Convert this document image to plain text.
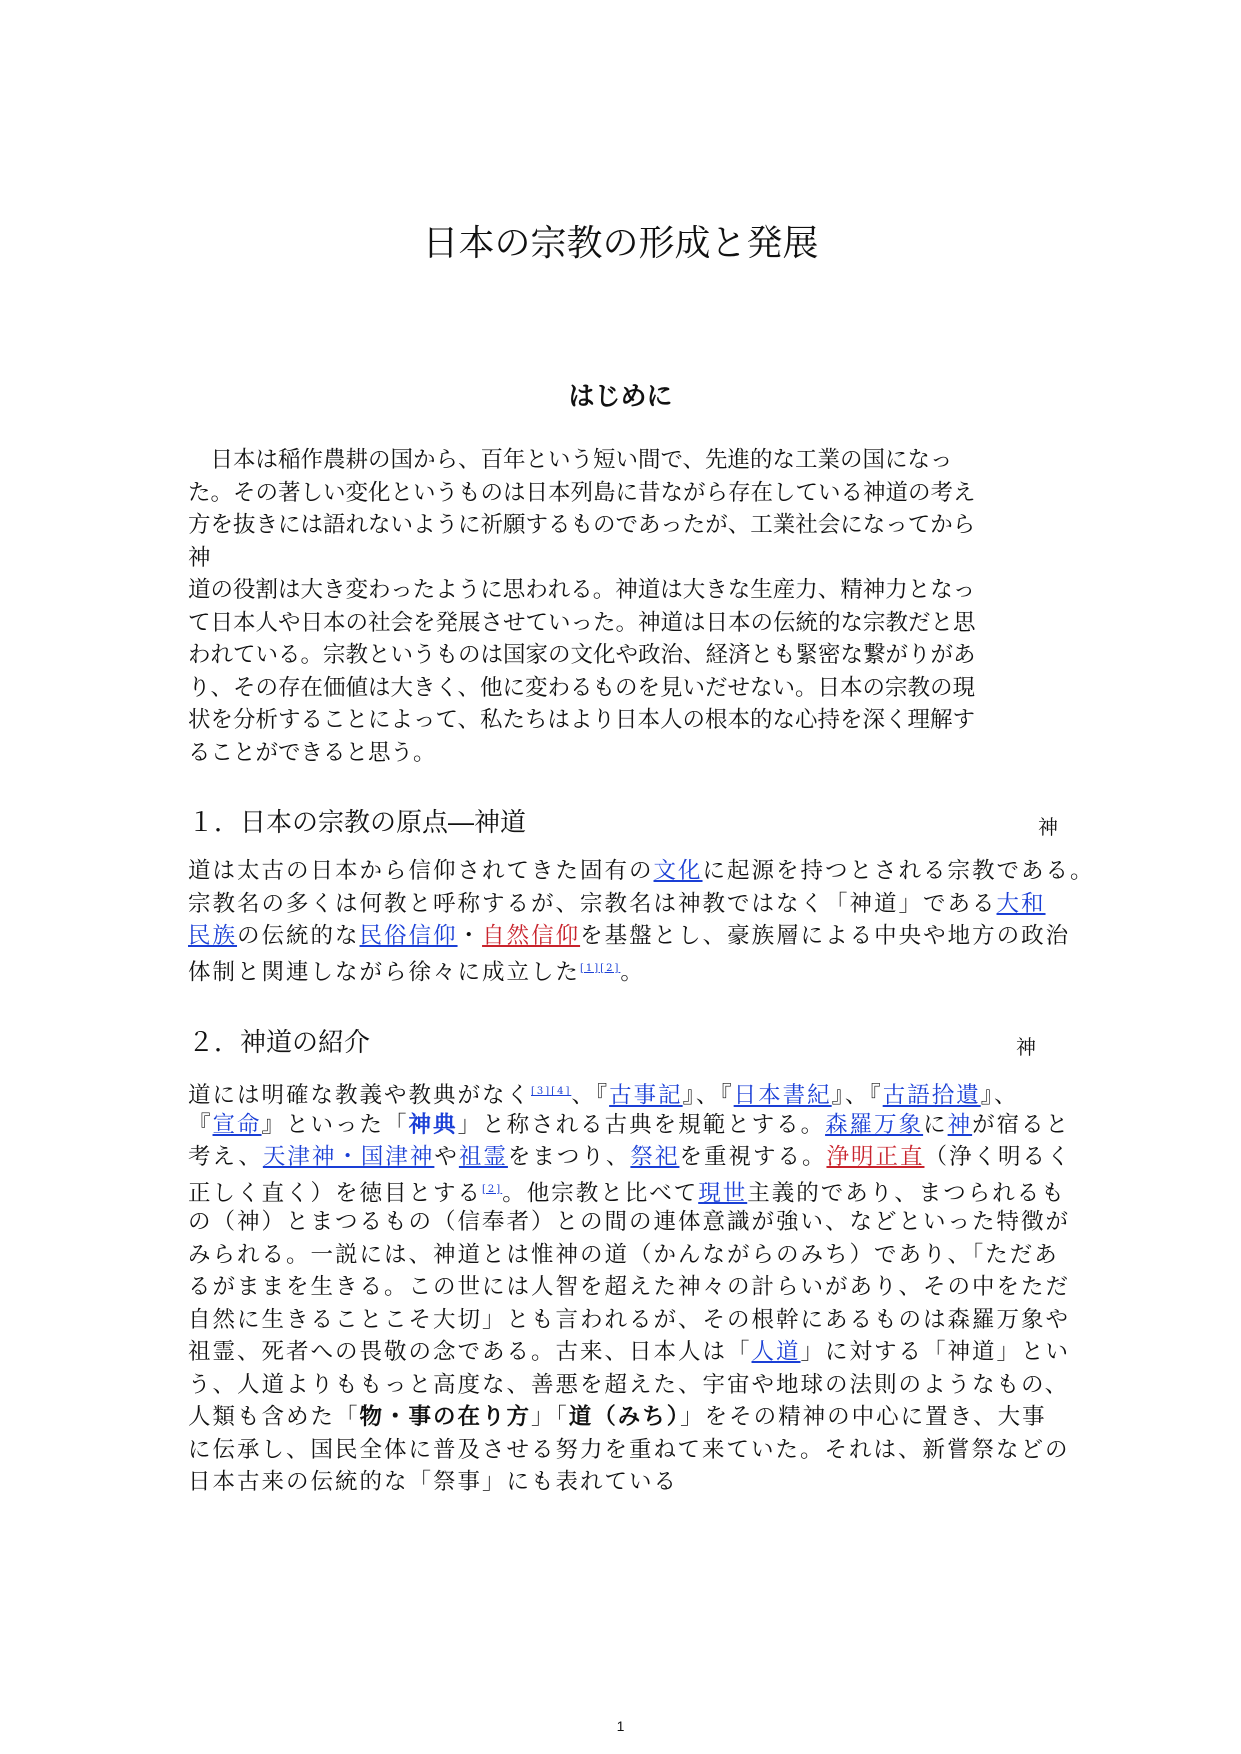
日本の宗教の形成と発展
はじめに
　日本は稲作農耕の国から、百年という短い間で、先進的な工業の国になっ
た。その著しい変化というものは日本列島に昔ながら存在している神道の考え
方を抜きには語れないように祈願するものであったが、工業社会になってから
神
道の役割は大き変わったように思われる。神道は大きな生産力、精神力となっ
て日本人や日本の社会を発展させていった。神道は日本の伝統的な宗教だと思
われている。宗教というものは国家の文化や政治、経済とも緊密な繋がりがあ
り、その存在価値は大きく、他に変わるものを見いだせない。日本の宗教の現
状を分析することによって、私たちはより日本人の根本的な心持を深く理解す
ることができると思う。
１．日本の宗教の原点―神道	神
道は太古の日本から信仰されてきた固有の文化に起源を持つとされる宗教である。
宗教名の多くは何教と呼称するが、宗教名は神教ではなく「神道」である大和
民族の伝統的な民俗信仰・自然信仰を基盤とし、豪族層による中央や地方の政治
体制と関連しながら徐々に成立した[1][2]。
２．神道の紹介	神
道には明確な教義や教典がなく[3][4]、『古事記』、『日本書紀』、『古語拾遺』、
『宣命』といった「神典」と称される古典を規範とする。森羅万象に神が宿ると
考え、天津神・国津神や祖霊をまつり、祭祀を重視する。浄明正直（浄く明るく
正しく直く）を徳目とする[2]。他宗教と比べて現世主義的であり、まつられるも
の（神）とまつるもの（信奉者）との間の連体意識が強い、などといった特徴が
みられる。一説には、神道とは惟神の道（かんながらのみち）であり、「ただあ
るがままを生きる。この世には人智を超えた神々の計らいがあり、その中をただ
自然に生きることこそ大切」とも言われるが、その根幹にあるものは森羅万象や
祖霊、死者への畏敬の念である。古来、日本人は「人道」に対する「神道」とい
う、人道よりももっと高度な、善悪を超えた、宇宙や地球の法則のようなもの、
人類も含めた「物・事の在り方」「道（みち）」をその精神の中心に置き、大事
に伝承し、国民全体に普及させる努力を重ねて来ていた。それは、新嘗祭などの
日本古来の伝統的な「祭事」にも表れている
1
